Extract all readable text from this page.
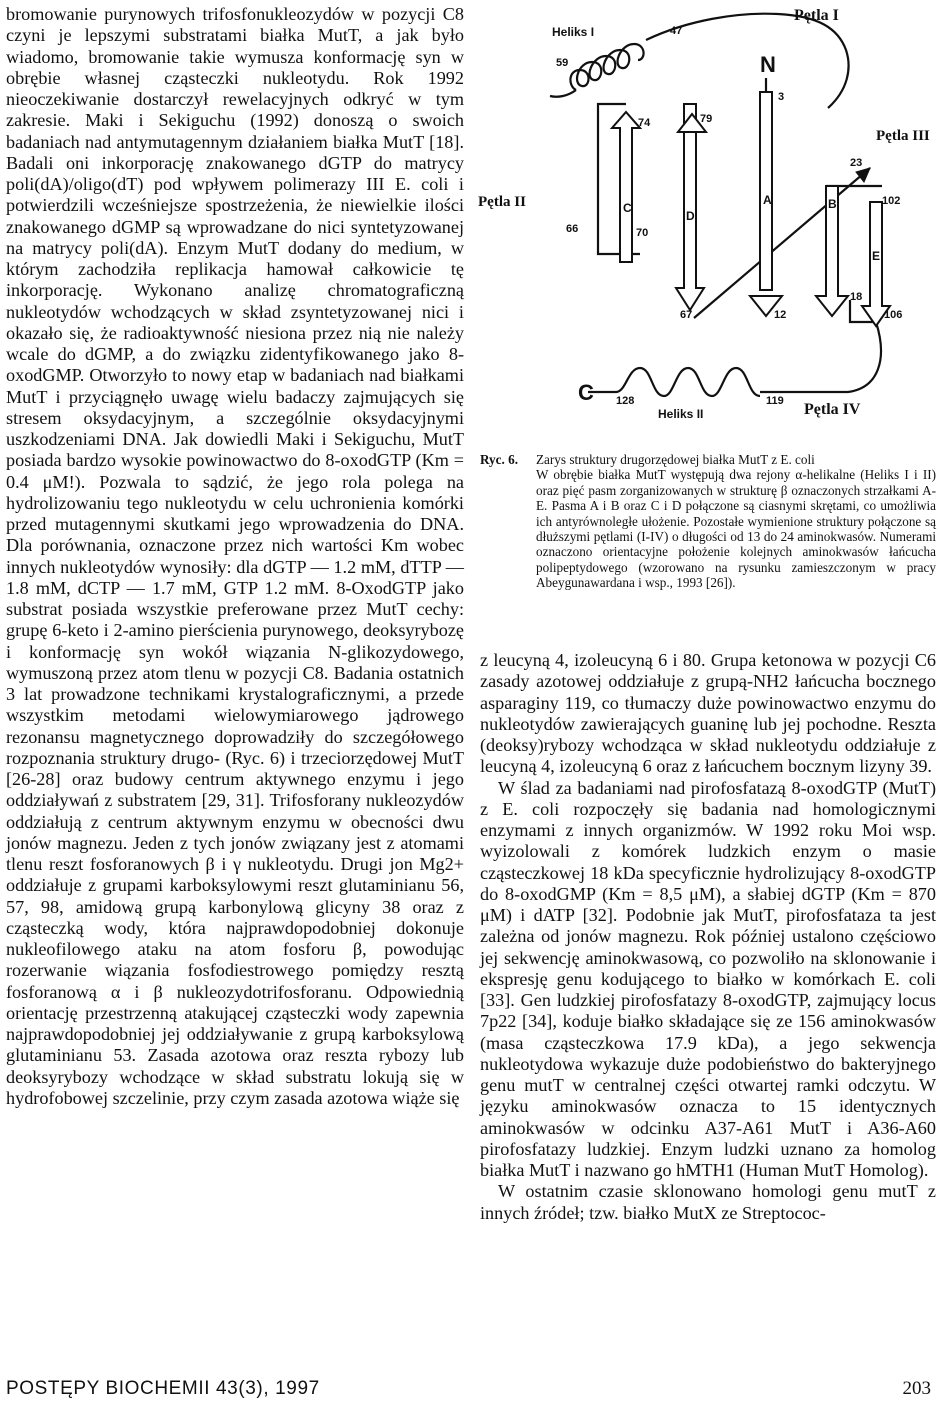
bromowanie purynowych trifosfonukleozydów w pozycji C8 czyni je lepszymi substratami białka MutT, a jak było wiadomo, bromowanie takie wymusza konformację syn w obrębie własnej cząsteczki nukleotydu. Rok 1992 nieoczekiwanie dostarczył rewelacyjnych odkryć w tym zakresie. Maki i Sekiguchu (1992) donoszą o swoich badaniach nad antymutagennym działaniem białka MutT [18]. Badali oni inkorporację znakowanego dGTP do matrycy poli(dA)/oligo(dT) pod wpływem polimerazy III E. coli i potwierdzili wcześniejsze spostrzeżenia, że niewielkie ilości znakowanego dGMP są wprowadzane do nici syntetyzowanej na matrycy poli(dA). Enzym MutT dodany do medium, w którym zachodziła replikacja hamował całkowicie tę inkorporację. Wykonano analizę chromatograficzną nukleotydów wchodzących w skład zsyntetyzowanej nici i okazało się, że radioaktywność niesiona przez nią nie należy wcale do dGMP, a do związku zidentyfikowanego jako 8-oxodGMP. Otworzyło to nowy etap w badaniach nad białkami MutT i przyciągnęło uwagę wielu badaczy zajmujących się stresem oksydacyjnym, a szczególnie oksydacyjnymi uszkodzeniami DNA. Jak dowiedli Maki i Sekiguchu, MutT posiada bardzo wysokie powinowactwo do 8-oxodGTP (Km = 0.4 μM!). Pozwala to sądzić, że jego rola polega na hydrolizowaniu tego nukleotydu w celu uchronienia komórki przed mutagennymi skutkami jego wprowadzenia do DNA. Dla porównania, oznaczone przez nich wartości Km wobec innych nukleotydów wynosiły: dla dGTP — 1.2 mM, dTTP — 1.8 mM, dCTP — 1.7 mM, GTP 1.2 mM. 8-OxodGTP jako substrat posiada wszystkie preferowane przez MutT cechy: grupę 6-keto i 2-amino pierścienia purynowego, deoksyrybozę i konformację syn wokół wiązania N-glikozydowego, wymuszoną przez atom tlenu w pozycji C8. Badania ostatnich 3 lat prowadzone technikami krystalograficznymi, a przede wszystkim metodami wielowymiarowego jądrowego rezonansu magnetycznego doprowadziły do szczegółowego rozpoznania struktury drugo- (Ryc. 6) i trzeciorzędowej MutT [26-28] oraz budowy centrum aktywnego enzymu i jego oddziaływań z substratem [29, 31]. Trifosforany nukleozydów oddziałują z centrum aktywnym enzymu w obecności dwu jonów magnezu. Jeden z tych jonów związany jest z atomami tlenu reszt fosforanowych β i γ nukleotydu. Drugi jon Mg2+ oddziałuje z grupami karboksylowymi reszt glutaminianu 56, 57, 98, amidową grupą karbonylową glicyny 38 oraz z cząsteczką wody, która najprawdopodobniej dokonuje nukleofilowego ataku na atom fosforu β, powodując rozerwanie wiązania fosfodiestrowego pomiędzy resztą fosforanową α i β nukleozydotrifosforanu. Odpowiednią orientację przestrzenną atakującej cząsteczki wody zapewnia najprawdopodobniej jej oddziaływanie z grupą karboksylową glutaminianu 53. Zasada azotowa oraz reszta rybozy lub deoksyrybozy wchodzące w skład substratu lokują się w hydrofobowej szczelinie, przy czym zasada azotowa wiąże się

Heliks I
Heliks II
Pętla I
Pętla II
Pętla III
Pętla IV
N
C
C
D
A	B
E
59
47
3
74	79
23
102
66	70
67	12
18
106
128	119
Ryc. 6.	Zarys struktury drugorzędowej białka MutT z E. coli
W obrębie białka MutT występują dwa rejony α-helikalne (Heliks I i II) oraz pięć pasm zorganizowanych w strukturę β oznaczonych strzałkami A-E. Pasma A i B oraz C i D połączone są ciasnymi skrętami, co umożliwia ich antyrównoległe ułożenie. Pozostałe wymienione struktury połączone są dłuższymi pętlami (I-IV) o długości od 13 do 24 aminokwasów. Numerami oznaczono orientacyjne położenie kolejnych aminokwasów łańcucha polipeptydowego (wzorowano na rysunku zamieszczonym w pracy Abeygunawardana i wsp., 1993 [26]).

z leucyną 4, izoleucyną 6 i 80. Grupa ketonowa w pozycji C6 zasady azotowej oddziałuje z grupą-NH2 łańcucha bocznego asparaginy 119, co tłumaczy duże powinowactwo enzymu do nukleotydów zawierających guaninę lub jej pochodne. Reszta (deoksy)rybozy wchodząca w skład nukleotydu oddziałuje z leucyną 4, izoleucyną 6 oraz z łańcuchem bocznym lizyny 39.

W ślad za badaniami nad pirofosfatazą 8-oxodGTP (MutT) z E. coli rozpoczęły się badania nad homologicznymi enzymami z innych organizmów. W 1992 roku Moi wsp. wyizolowali z komórek ludzkich enzym o masie cząsteczkowej 18 kDa specyficznie hydrolizujący 8-oxodGTP do 8-oxodGMP (Km = 8,5 μM), a słabiej dGTP (Km = 870 μM) i dATP [32]. Podobnie jak MutT, pirofosfataza ta jest zależna od jonów magnezu. Rok później ustalono częściowo jej sekwencję aminokwasową, co pozwoliło na sklonowanie i ekspresję genu kodującego to białko w komórkach E. coli [33]. Gen ludzkiej pirofosfatazy 8-oxodGTP, zajmujący locus 7p22 [34], koduje białko składające się ze 156 aminokwasów (masa cząsteczkowa 17.9 kDa), a jego sekwencja nukleotydowa wykazuje duże podobieństwo do bakteryjnego genu mutT w centralnej części otwartej ramki odczytu. W języku aminokwasów oznacza to 15 identycznych aminokwasów w odcinku A37-A61 MutT i A36-A60 pirofosfatazy ludzkiej. Enzym ludzki uznano za homolog białka MutT i nazwano go hMTH1 (Human MutT Homolog).

W ostatnim czasie sklonowano homologi genu mutT z innych źródeł; tzw. białko MutX ze Streptococ-

POSTĘPY BIOCHEMII 43(3), 1997	203
